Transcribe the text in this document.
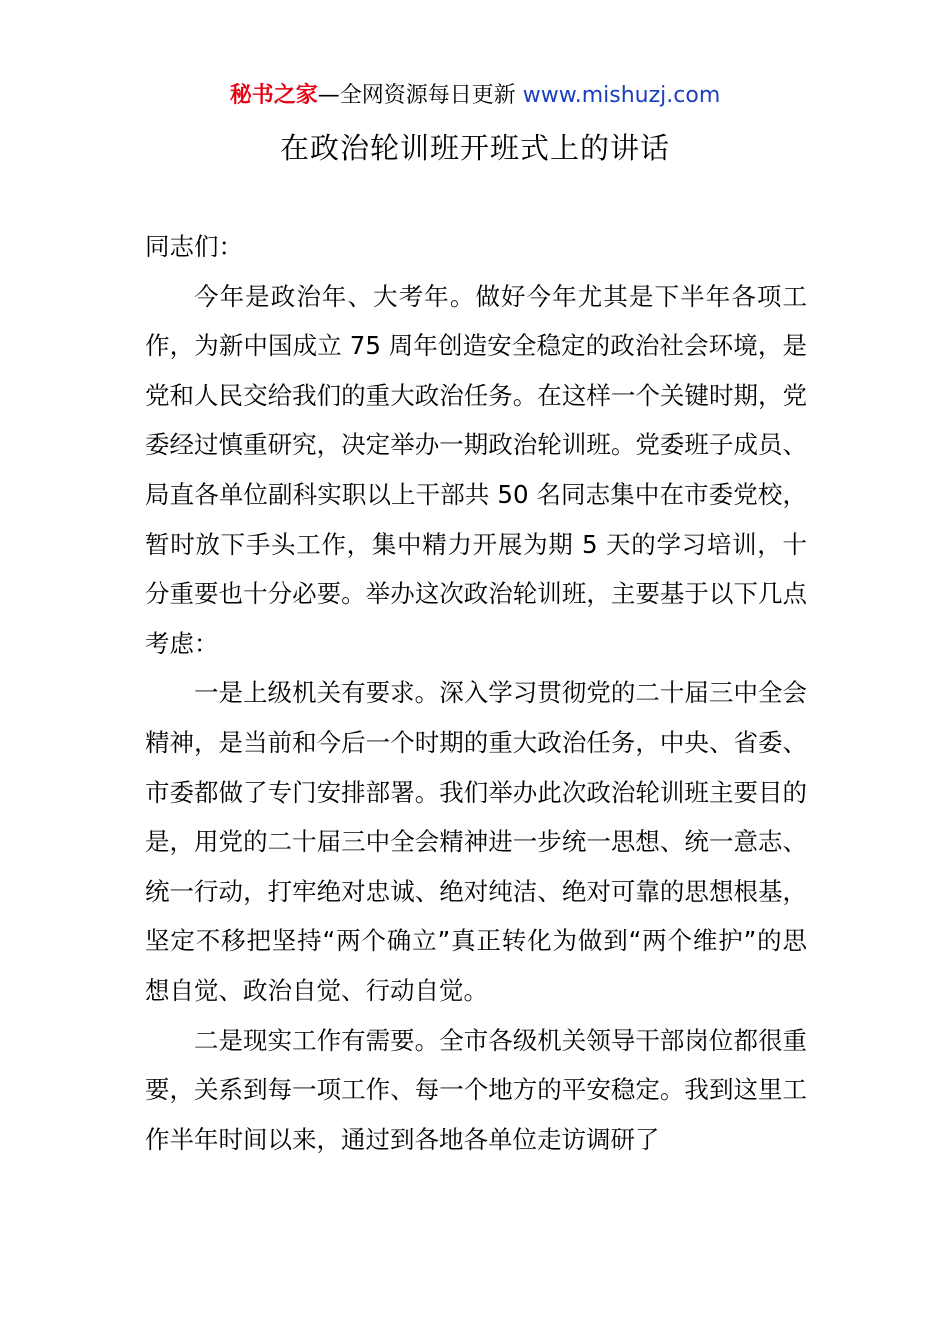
秘书之家—全网资源每日更新 www.mishuzj.com
在政治轮训班开班式上的讲话

同志们：

今年是政治年、大考年。做好今年尤其是下半年各项工作，为新中国成立 75 周年创造安全稳定的政治社会环境，是党和人民交给我们的重大政治任务。在这样一个关键时期，党委经过慎重研究，决定举办一期政治轮训班。党委班子成员、局直各单位副科实职以上干部共 50 名同志集中在市委党校，暂时放下手头工作，集中精力开展为期 5 天的学习培训，十分重要也十分必要。举办这次政治轮训班，主要基于以下几点考虑：

一是上级机关有要求。深入学习贯彻党的二十届三中全会精神，是当前和今后一个时期的重大政治任务，中央、省委、市委都做了专门安排部署。我们举办此次政治轮训班主要目的是，用党的二十届三中全会精神进一步统一思想、统一意志、统一行动，打牢绝对忠诚、绝对纯洁、绝对可靠的思想根基，坚定不移把坚持“两个确立”真正转化为做到“两个维护”的思想自觉、政治自觉、行动自觉。

二是现实工作有需要。全市各级机关领导干部岗位都很重要，关系到每一项工作、每一个地方的平安稳定。我到这里工作半年时间以来，通过到各地各单位走访调研了
